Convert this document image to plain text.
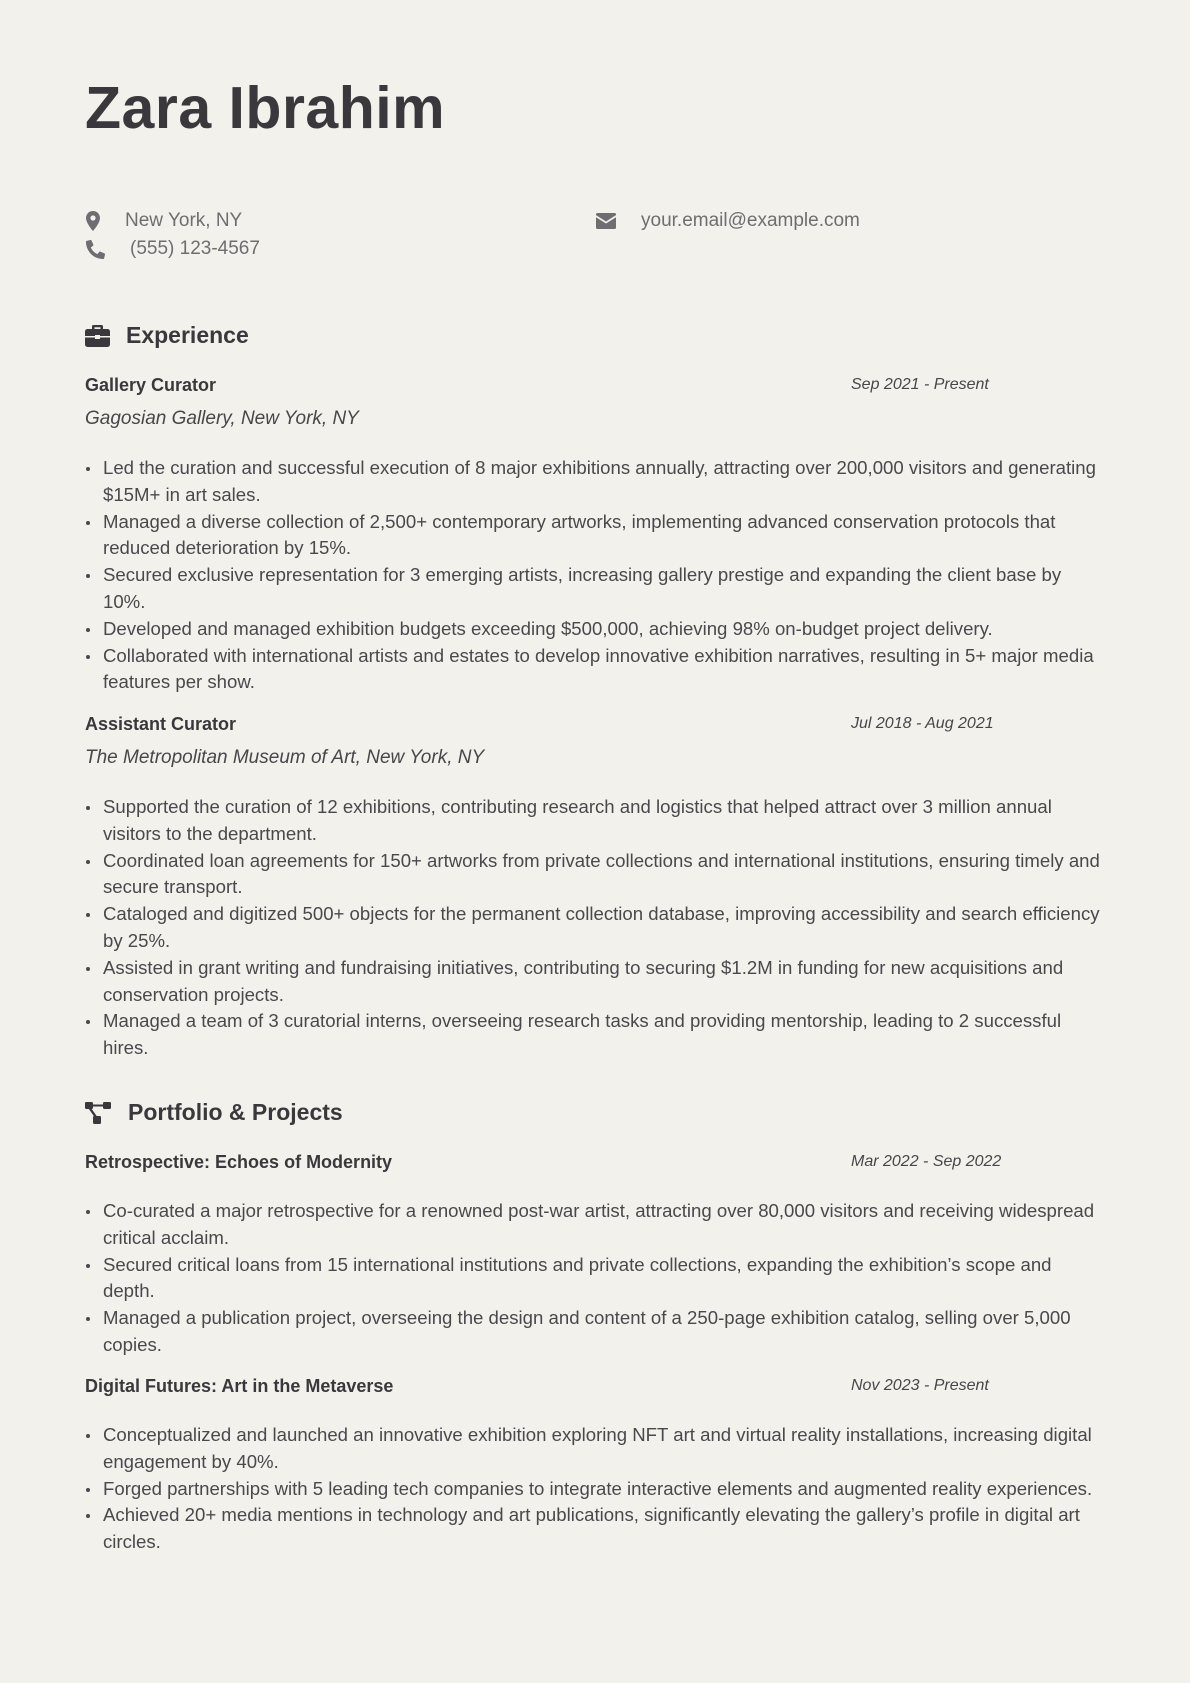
Zara Ibrahim
New York, NY	your.email@example.com
(555) 123-4567
Experience
Gallery Curator	Sep 2021 - Present
Gagosian Gallery, New York, NY
Led the curation and successful execution of 8 major exhibitions annually, attracting over 200,000 visitors and generating $15M+ in art sales.
Managed a diverse collection of 2,500+ contemporary artworks, implementing advanced conservation protocols that reduced deterioration by 15%.
Secured exclusive representation for 3 emerging artists, increasing gallery prestige and expanding the client base by 10%.
Developed and managed exhibition budgets exceeding $500,000, achieving 98% on-budget project delivery.
Collaborated with international artists and estates to develop innovative exhibition narratives, resulting in 5+ major media features per show.
Assistant Curator	Jul 2018 - Aug 2021
The Metropolitan Museum of Art, New York, NY
Supported the curation of 12 exhibitions, contributing research and logistics that helped attract over 3 million annual visitors to the department.
Coordinated loan agreements for 150+ artworks from private collections and international institutions, ensuring timely and secure transport.
Cataloged and digitized 500+ objects for the permanent collection database, improving accessibility and search efficiency by 25%.
Assisted in grant writing and fundraising initiatives, contributing to securing $1.2M in funding for new acquisitions and conservation projects.
Managed a team of 3 curatorial interns, overseeing research tasks and providing mentorship, leading to 2 successful hires.
Portfolio & Projects
Retrospective: Echoes of Modernity	Mar 2022 - Sep 2022
Co-curated a major retrospective for a renowned post-war artist, attracting over 80,000 visitors and receiving widespread critical acclaim.
Secured critical loans from 15 international institutions and private collections, expanding the exhibition’s scope and depth.
Managed a publication project, overseeing the design and content of a 250-page exhibition catalog, selling over 5,000 copies.
Digital Futures: Art in the Metaverse	Nov 2023 - Present
Conceptualized and launched an innovative exhibition exploring NFT art and virtual reality installations, increasing digital engagement by 40%.
Forged partnerships with 5 leading tech companies to integrate interactive elements and augmented reality experiences.
Achieved 20+ media mentions in technology and art publications, significantly elevating the gallery’s profile in digital art circles.
